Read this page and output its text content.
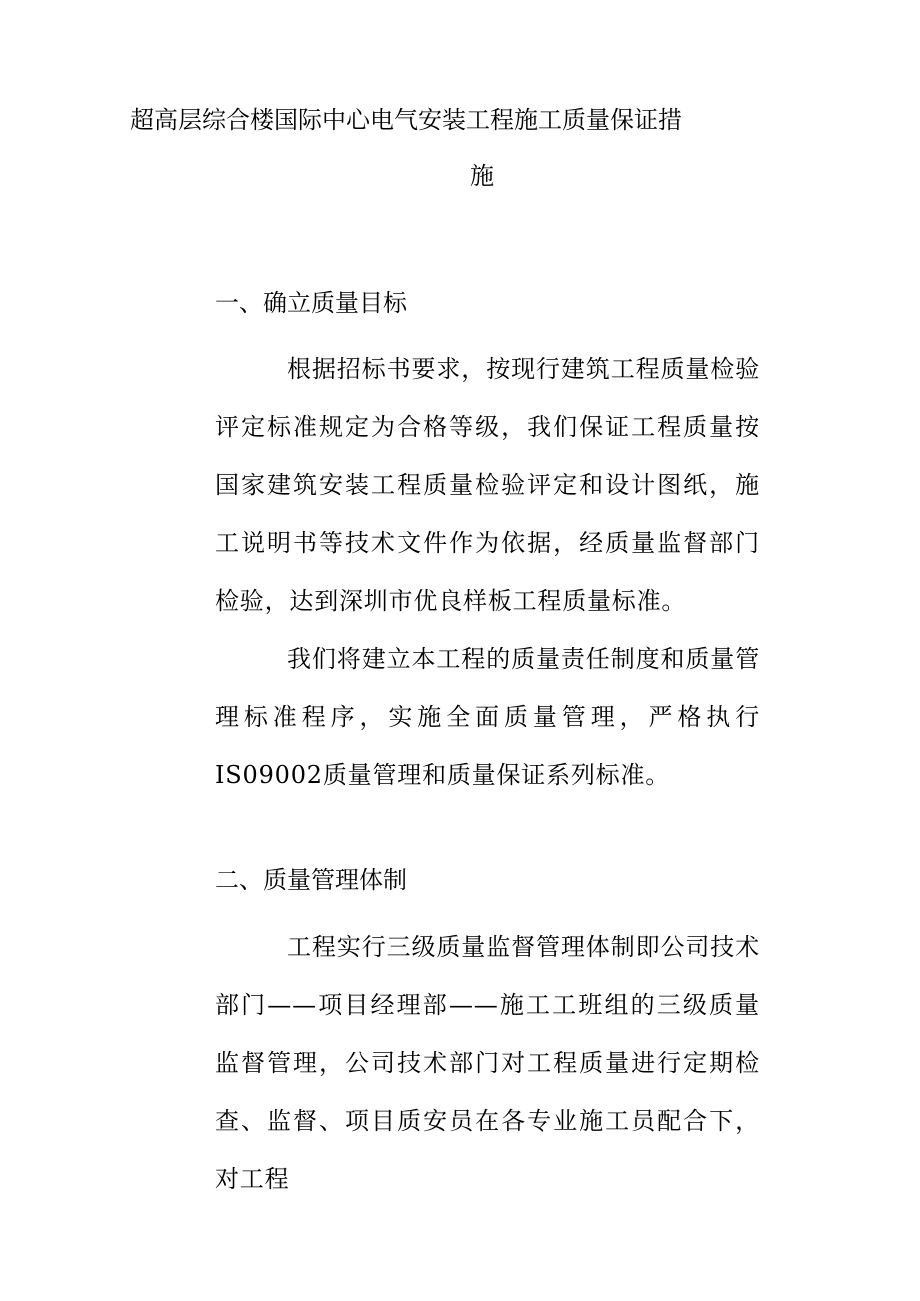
超高层综合楼国际中心电气安装工程施工质量保证措
施
一、确立质量目标

根据招标书要求，按现行建筑工程质量检验评定标准规定为合格等级，我们保证工程质量按国家建筑安装工程质量检验评定和设计图纸，施工说明书等技术文件作为依据，经质量监督部门检验，达到深圳市优良样板工程质量标准。

我们将建立本工程的质量责任制度和质量管理标准程序，实施全面质量管理，严格执行IS09002质量管理和质量保证系列标准。

二、质量管理体制

工程实行三级质量监督管理体制即公司技术部门——项目经理部——施工工班组的三级质量监督管理，公司技术部门对工程质量进行定期检查、监督、项目质安员在各专业施工员配合下，对工程
